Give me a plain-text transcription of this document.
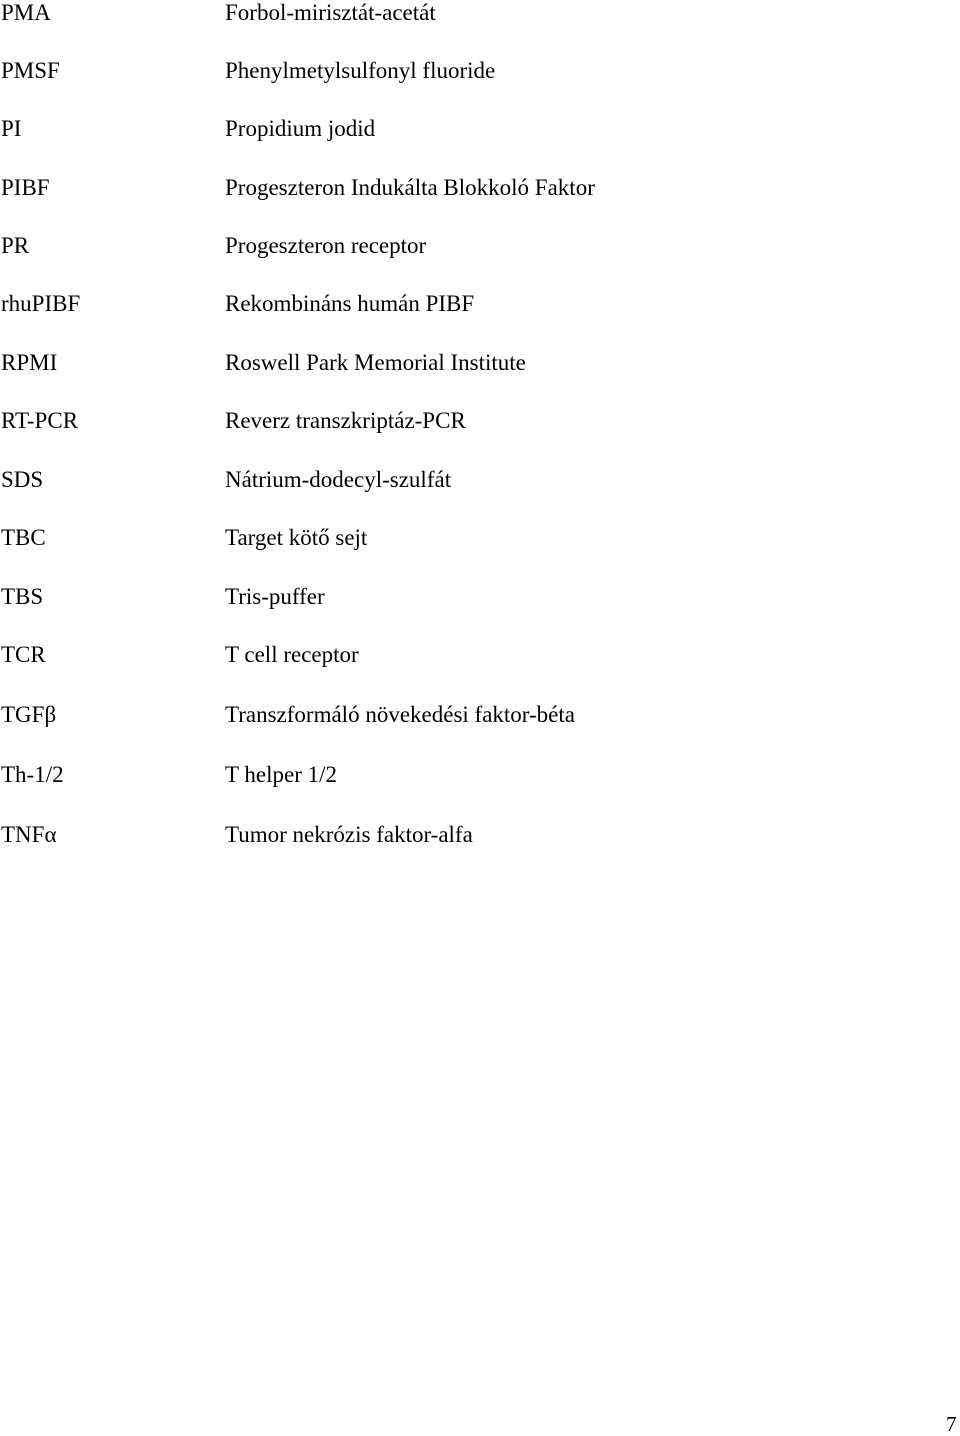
PMA	Forbol-mirisztát-acetát
PMSF	Phenylmetylsulfonyl fluoride
PI	Propidium jodid
PIBF	Progeszteron Indukálta Blokkoló Faktor
PR	Progeszteron receptor
rhuPIBF	Rekombináns humán PIBF
RPMI	Roswell Park Memorial Institute
RT-PCR	Reverz transzkriptáz-PCR
SDS	Nátrium-dodecyl-szulfát
TBC	Target kötő sejt
TBS	Tris-puffer
TCR	T cell receptor
TGFβ	Transzformáló növekedési faktor-béta
Th-1/2	T helper 1/2
TNFα	Tumor nekrózis faktor-alfa
7
